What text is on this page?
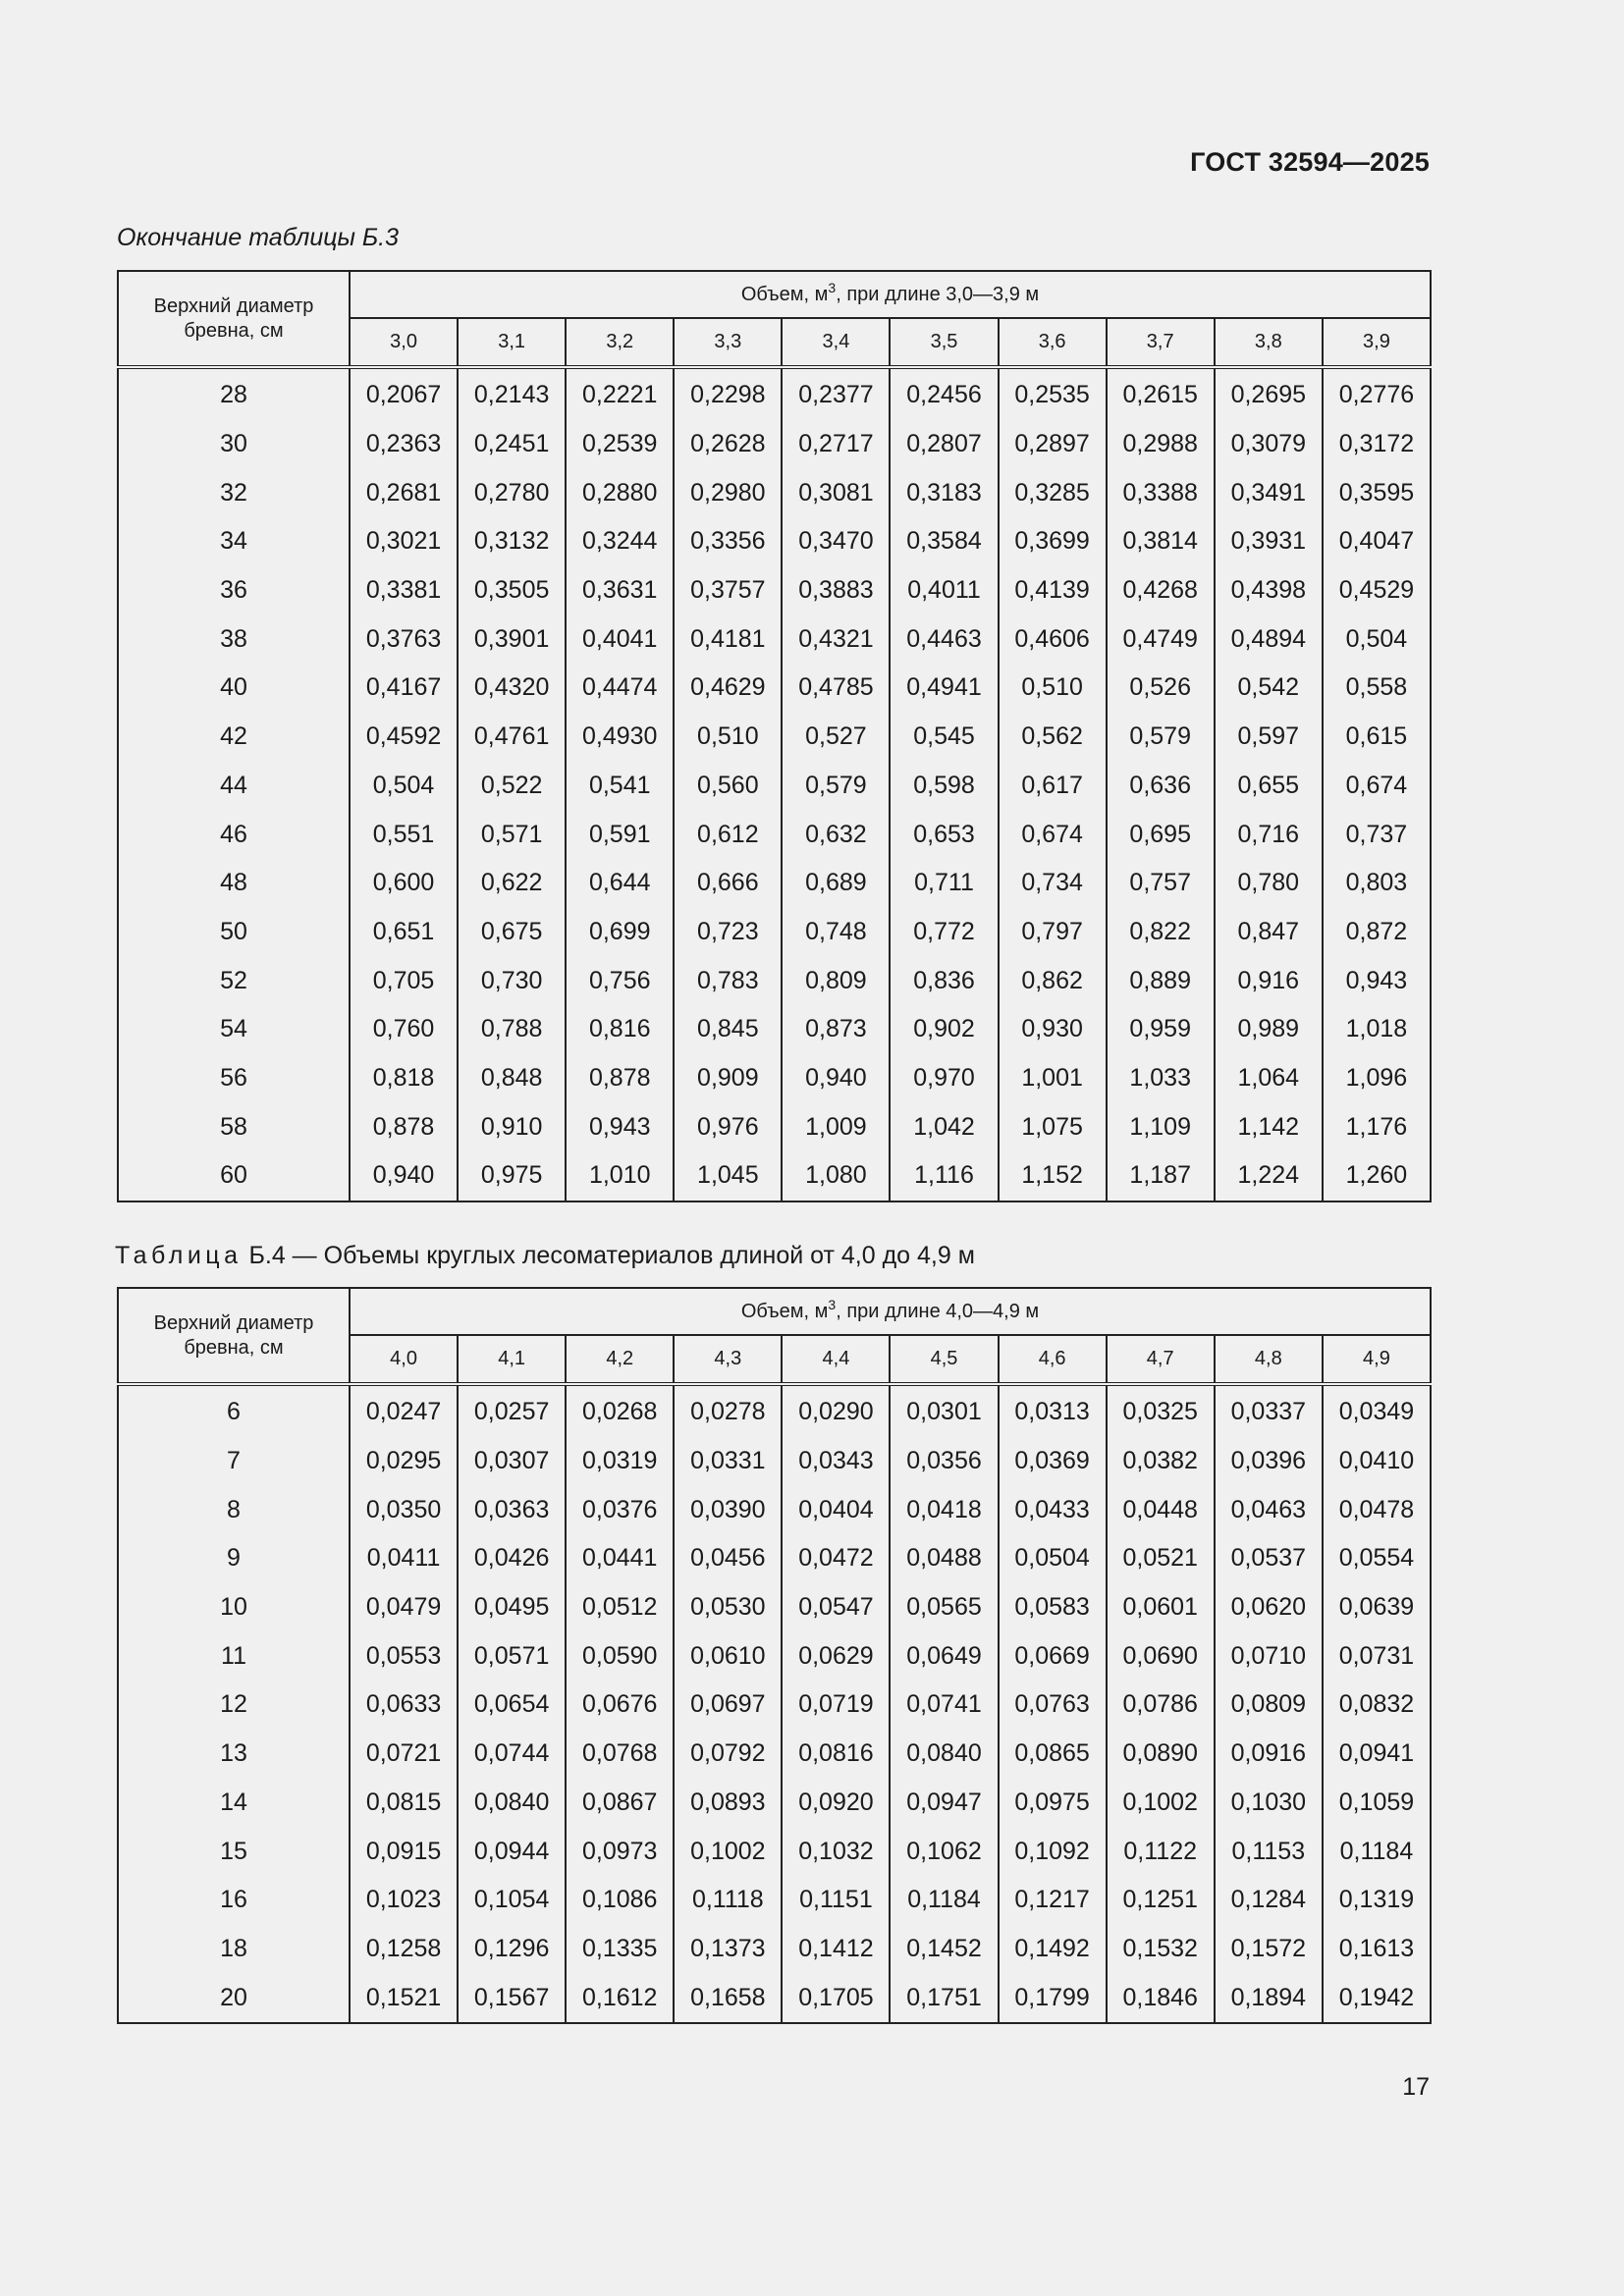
ГОСТ 32594—2025
Окончание таблицы Б.3
Верхний диаметр бревна, см	Объем, $м^3$, при длине 3,0—3,9 м									
	3,0	3,1	3,2	3,3	3,4	3,5	3,6	3,7	3,8	3,9
28	0,2067	0,2143	0,2221	0,2298	0,2377	0,2456	0,2535	0,2615	0,2695	0,2776
30	0,2363	0,2451	0,2539	0,2628	0,2717	0,2807	0,2897	0,2988	0,3079	0,3172
32	0,2681	0,2780	0,2880	0,2980	0,3081	0,3183	0,3285	0,3388	0,3491	0,3595
34	0,3021	0,3132	0,3244	0,3356	0,3470	0,3584	0,3699	0,3814	0,3931	0,4047
36	0,3381	0,3505	0,3631	0,3757	0,3883	0,4011	0,4139	0,4268	0,4398	0,4529
38	0,3763	0,3901	0,4041	0,4181	0,4321	0,4463	0,4606	0,4749	0,4894	0,504
40	0,4167	0,4320	0,4474	0,4629	0,4785	0,4941	0,510	0,526	0,542	0,558
42	0,4592	0,4761	0,4930	0,510	0,527	0,545	0,562	0,579	0,597	0,615
44	0,504	0,522	0,541	0,560	0,579	0,598	0,617	0,636	0,655	0,674
46	0,551	0,571	0,591	0,612	0,632	0,653	0,674	0,695	0,716	0,737
48	0,600	0,622	0,644	0,666	0,689	0,711	0,734	0,757	0,780	0,803
50	0,651	0,675	0,699	0,723	0,748	0,772	0,797	0,822	0,847	0,872
52	0,705	0,730	0,756	0,783	0,809	0,836	0,862	0,889	0,916	0,943
54	0,760	0,788	0,816	0,845	0,873	0,902	0,930	0,959	0,989	1,018
56	0,818	0,848	0,878	0,909	0,940	0,970	1,001	1,033	1,064	1,096
58	0,878	0,910	0,943	0,976	1,009	1,042	1,075	1,109	1,142	1,176
60	0,940	0,975	1,010	1,045	1,080	1,116	1,152	1,187	1,224	1,260
Таблица Б.4 — Объемы круглых лесоматериалов длиной от 4,0 до 4,9 м
Верхний диаметр бревна, см	Объем, $м^3$, при длине 4,0—4,9 м									
	4,0	4,1	4,2	4,3	4,4	4,5	4,6	4,7	4,8	4,9
6	0,0247	0,0257	0,0268	0,0278	0,0290	0,0301	0,0313	0,0325	0,0337	0,0349
7	0,0295	0,0307	0,0319	0,0331	0,0343	0,0356	0,0369	0,0382	0,0396	0,0410
8	0,0350	0,0363	0,0376	0,0390	0,0404	0,0418	0,0433	0,0448	0,0463	0,0478
9	0,0411	0,0426	0,0441	0,0456	0,0472	0,0488	0,0504	0,0521	0,0537	0,0554
10	0,0479	0,0495	0,0512	0,0530	0,0547	0,0565	0,0583	0,0601	0,0620	0,0639
11	0,0553	0,0571	0,0590	0,0610	0,0629	0,0649	0,0669	0,0690	0,0710	0,0731
12	0,0633	0,0654	0,0676	0,0697	0,0719	0,0741	0,0763	0,0786	0,0809	0,0832
13	0,0721	0,0744	0,0768	0,0792	0,0816	0,0840	0,0865	0,0890	0,0916	0,0941
14	0,0815	0,0840	0,0867	0,0893	0,0920	0,0947	0,0975	0,1002	0,1030	0,1059
15	0,0915	0,0944	0,0973	0,1002	0,1032	0,1062	0,1092	0,1122	0,1153	0,1184
16	0,1023	0,1054	0,1086	0,1118	0,1151	0,1184	0,1217	0,1251	0,1284	0,1319
18	0,1258	0,1296	0,1335	0,1373	0,1412	0,1452	0,1492	0,1532	0,1572	0,1613
20	0,1521	0,1567	0,1612	0,1658	0,1705	0,1751	0,1799	0,1846	0,1894	0,1942
17
